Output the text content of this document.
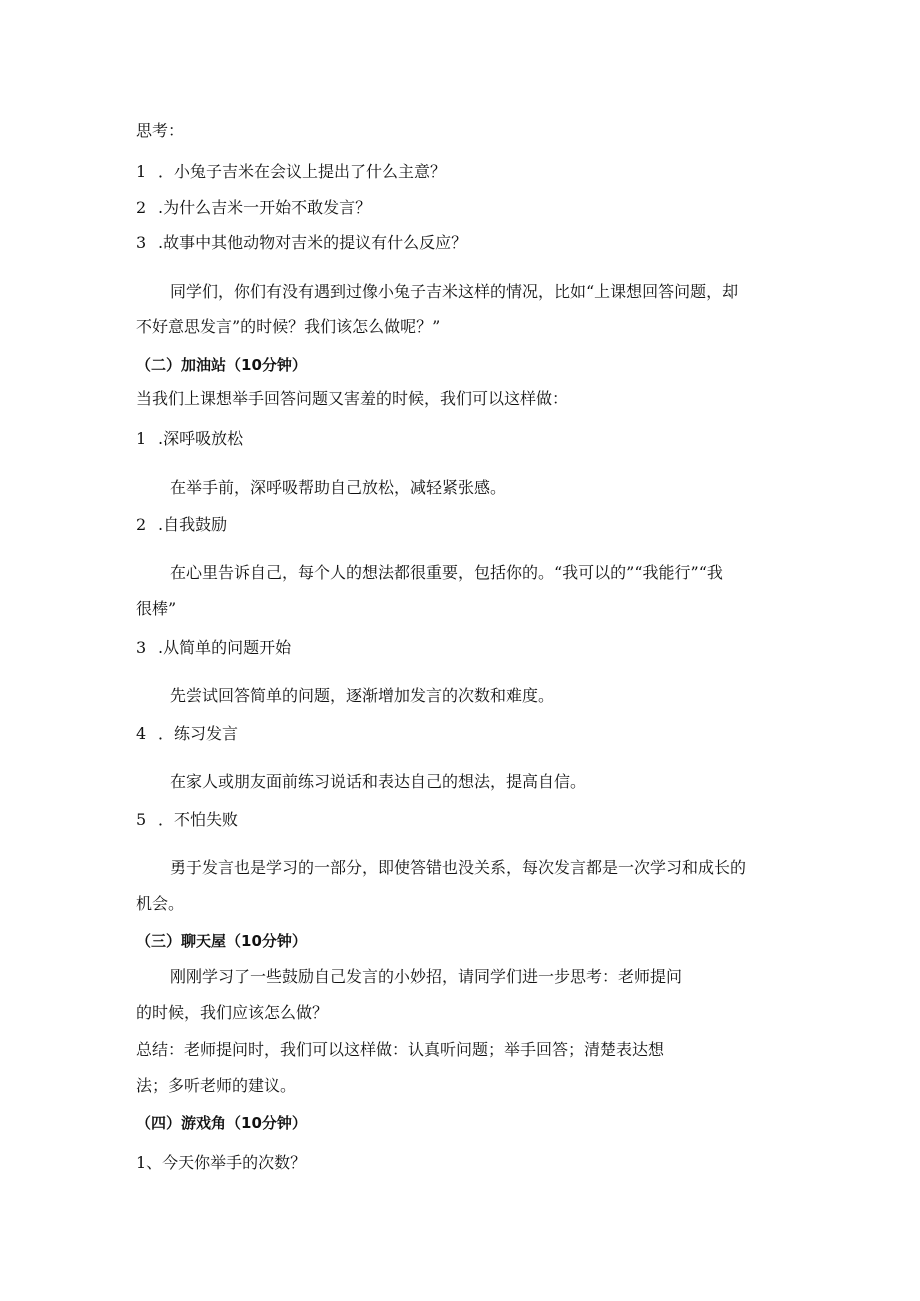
思考：
1 ．小兔子吉米在会议上提出了什么主意？
2 .为什么吉米一开始不敢发言？
3 .故事中其他动物对吉米的提议有什么反应？
同学们，你们有没有遇到过像小兔子吉米这样的情况，比如“上课想回答问题，却
不好意思发言”的时候？我们该怎么做呢？”
（二）加油站（10分钟）
当我们上课想举手回答问题又害羞的时候，我们可以这样做：
1 .深呼吸放松
在举手前，深呼吸帮助自己放松，减轻紧张感。
2 .自我鼓励
在心里告诉自己，每个人的想法都很重要，包括你的。“我可以的”“我能行”“我
很棒”
3 .从简单的问题开始
先尝试回答简单的问题，逐渐增加发言的次数和难度。
4 ．练习发言
在家人或朋友面前练习说话和表达自己的想法，提高自信。
5 ．不怕失败
勇于发言也是学习的一部分，即使答错也没关系，每次发言都是一次学习和成长的
机会。
（三）聊天屋（10分钟）
刚刚学习了一些鼓励自己发言的小妙招，请同学们进一步思考：老师提问
的时候，我们应该怎么做？
总结：老师提问时，我们可以这样做：认真听问题；举手回答；清楚表达想
法；多听老师的建议。
（四）游戏角（10分钟）
1、今天你举手的次数？
